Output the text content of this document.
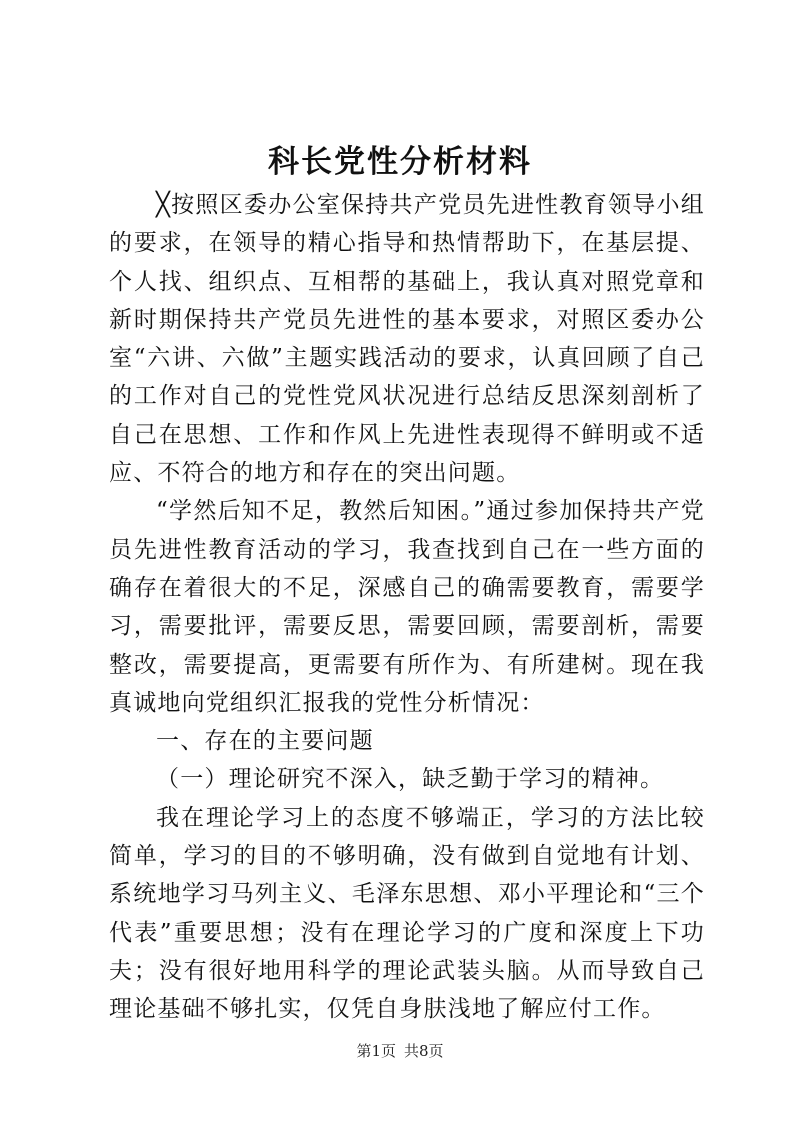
科长党性分析材料

╳按照区委办公室保持共产党员先进性教育领导小组的要求，在领导的精心指导和热情帮助下，在基层提、个人找、组织点、互相帮的基础上，我认真对照党章和新时期保持共产党员先进性的基本要求，对照区委办公室“六讲、六做”主题实践活动的要求，认真回顾了自己的工作对自己的党性党风状况进行总结反思深刻剖析了自己在思想、工作和作风上先进性表现得不鲜明或不适应、不符合的地方和存在的突出问题。

“学然后知不足，教然后知困。”通过参加保持共产党员先进性教育活动的学习，我查找到自己在一些方面的确存在着很大的不足，深感自己的确需要教育，需要学习，需要批评，需要反思，需要回顾，需要剖析，需要整改，需要提高，更需要有所作为、有所建树。现在我真诚地向党组织汇报我的党性分析情况：

一、存在的主要问题

（一）理论研究不深入，缺乏勤于学习的精神。

我在理论学习上的态度不够端正，学习的方法比较简单，学习的目的不够明确，没有做到自觉地有计划、系统地学习马列主义、毛泽东思想、邓小平理论和“三个代表”重要思想；没有在理论学习的广度和深度上下功夫；没有很好地用科学的理论武装头脑。从而导致自己理论基础不够扎实，仅凭自身肤浅地了解应付工作。

第1页 共8页
